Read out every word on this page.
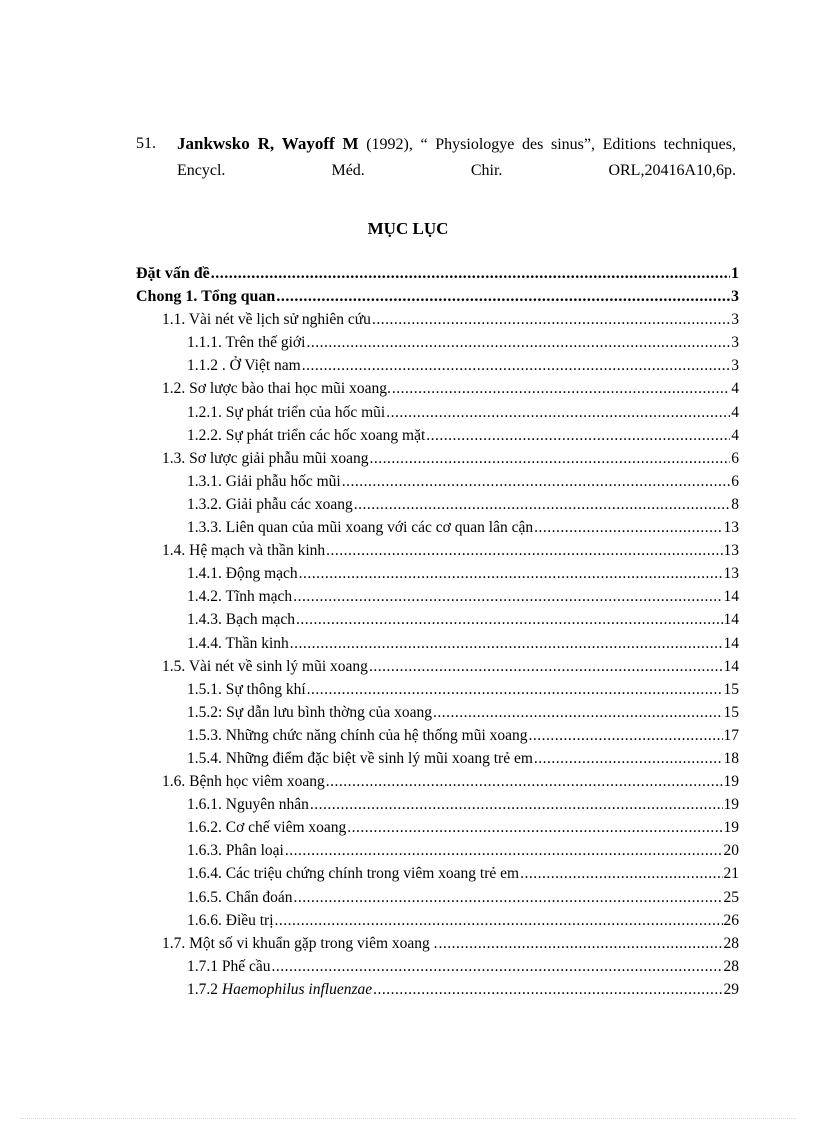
51. Jankwsko R, Wayoff M (1992), “ Physiologye des sinus”, Editions techniques, Encycl. Méd. Chir. ORL,20416A10,6p.
MỤC LỤC
Đặt vấn đề .....	1
Chong 1. Tổng quan .....	3
1.1. Vài nét về lịch sử nghiên cứu .....	3
1.1.1. Trên thế giới .....	3
1.1.2 . Ở Việt nam .....	3
1.2. Sơ lược bào thai học mũi xoang. .....	4
1.2.1. Sự phát triển của hốc mũi .....	4
1.2.2. Sự phát triển các hốc xoang mặt .....	4
1.3. Sơ lược giải phẫu mũi xoang .....	6
1.3.1. Giải phẫu hốc mũi .....	6
1.3.2. Giải phẫu các xoang .....	8
1.3.3. Liên quan của mũi xoang với các cơ quan lân cận .....	13
1.4. Hệ mạch và thần kinh .....	13
1.4.1. Động mạch .....	13
1.4.2. Tĩnh mạch .....	14
1.4.3. Bạch mạch .....	14
1.4.4. Thần kinh .....	14
1.5. Vài nét về sinh lý mũi xoang .....	14
1.5.1. Sự thông khí .....	15
1.5.2: Sự dẫn lưu bình thờng của xoang .....	15
1.5.3. Những chức năng chính của hệ thống mũi xoang .....	17
1.5.4. Những điểm đặc biệt về sinh lý mũi xoang trẻ em .....	18
1.6. Bệnh học viêm xoang .....	19
1.6.1. Nguyên nhân .....	19
1.6.2. Cơ chế viêm xoang .....	19
1.6.3. Phân loại .....	20
1.6.4. Các triệu chứng chính trong viêm xoang trẻ em .....	21
1.6.5. Chẩn đoán .....	25
1.6.6. Điều trị .....	26
1.7. Một số vi khuẩn gặp trong viêm xoang . .....	28
1.7.1 Phế cầu .....	28
1.7.2 Haemophilus influenzae .....	29
